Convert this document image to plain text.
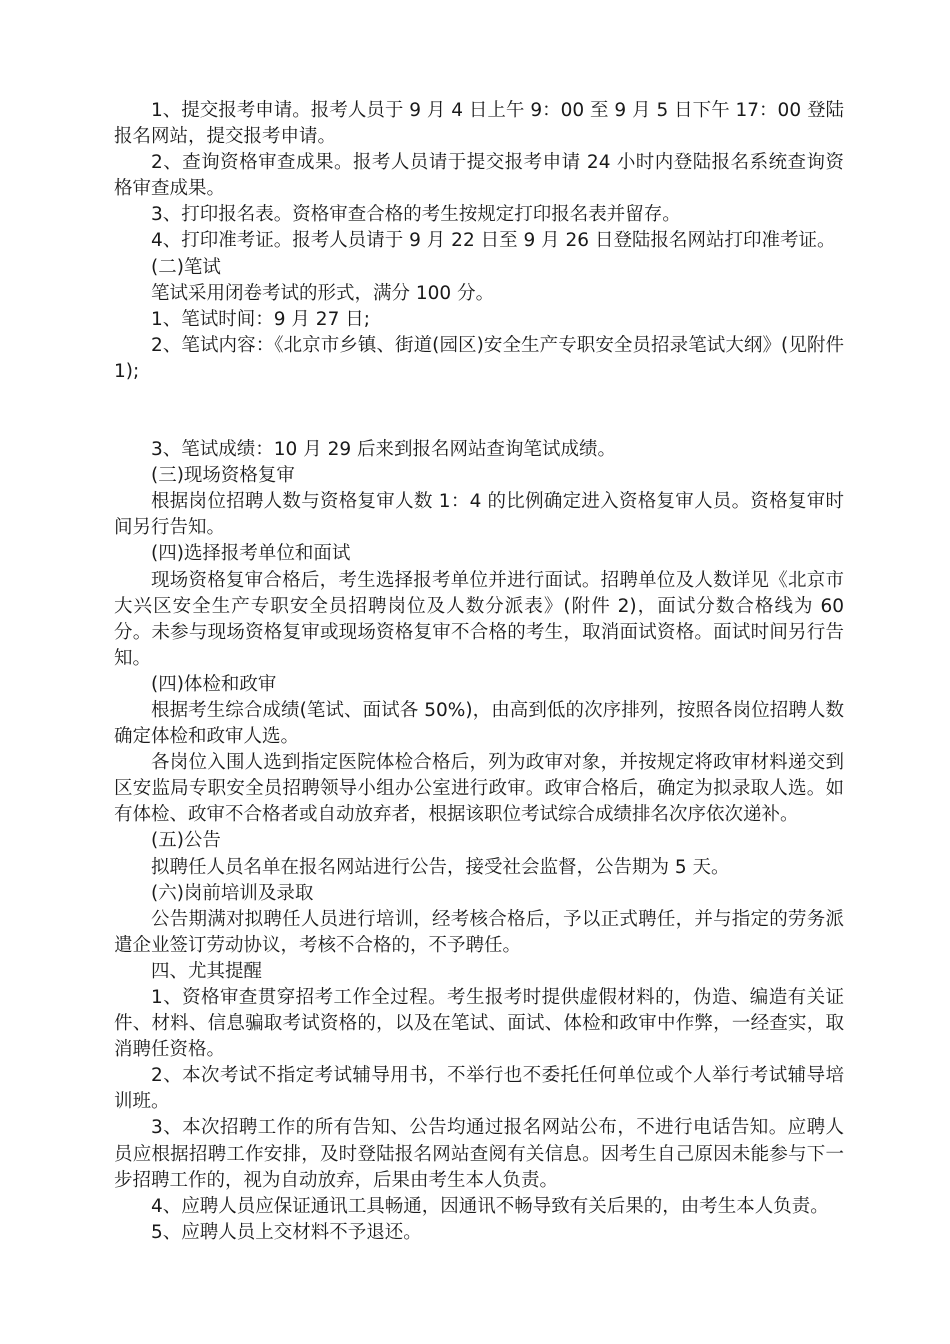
1、提交报考申请。报考人员于 9 月 4 日上午 9：00 至 9 月 5 日下午 17：00 登陆报名网站，提交报考申请。

2、查询资格审查成果。报考人员请于提交报考申请 24 小时内登陆报名系统查询资格审查成果。

3、打印报名表。资格审查合格的考生按规定打印报名表并留存。

4、打印准考证。报考人员请于 9 月 22 日至 9 月 26 日登陆报名网站打印准考证。

(二)笔试

笔试采用闭卷考试的形式，满分 100 分。

1、笔试时间：9 月 27 日;

2、笔试内容：《北京市乡镇、街道(园区)安全生产专职安全员招录笔试大纲》(见附件 1);

3、笔试成绩：10 月 29 后来到报名网站查询笔试成绩。

(三)现场资格复审

根据岗位招聘人数与资格复审人数 1：4 的比例确定进入资格复审人员。资格复审时间另行告知。

(四)选择报考单位和面试

现场资格复审合格后，考生选择报考单位并进行面试。招聘单位及人数详见《北京市大兴区安全生产专职安全员招聘岗位及人数分派表》(附件 2)，面试分数合格线为 60 分。未参与现场资格复审或现场资格复审不合格的考生，取消面试资格。面试时间另行告知。

(四)体检和政审

根据考生综合成绩(笔试、面试各 50%)，由高到低的次序排列，按照各岗位招聘人数确定体检和政审人选。

各岗位入围人选到指定医院体检合格后，列为政审对象，并按规定将政审材料递交到区安监局专职安全员招聘领导小组办公室进行政审。政审合格后，确定为拟录取人选。如有体检、政审不合格者或自动放弃者，根据该职位考试综合成绩排名次序依次递补。

(五)公告

拟聘任人员名单在报名网站进行公告，接受社会监督，公告期为 5 天。

(六)岗前培训及录取

公告期满对拟聘任人员进行培训，经考核合格后，予以正式聘任，并与指定的劳务派遣企业签订劳动协议，考核不合格的，不予聘任。

四、尤其提醒

1、资格审查贯穿招考工作全过程。考生报考时提供虚假材料的，伪造、编造有关证件、材料、信息骗取考试资格的，以及在笔试、面试、体检和政审中作弊，一经查实，取消聘任资格。

2、本次考试不指定考试辅导用书，不举行也不委托任何单位或个人举行考试辅导培训班。

3、本次招聘工作的所有告知、公告均通过报名网站公布，不进行电话告知。应聘人员应根据招聘工作安排，及时登陆报名网站查阅有关信息。因考生自己原因未能参与下一步招聘工作的，视为自动放弃，后果由考生本人负责。

4、应聘人员应保证通讯工具畅通，因通讯不畅导致有关后果的，由考生本人负责。

5、应聘人员上交材料不予退还。
